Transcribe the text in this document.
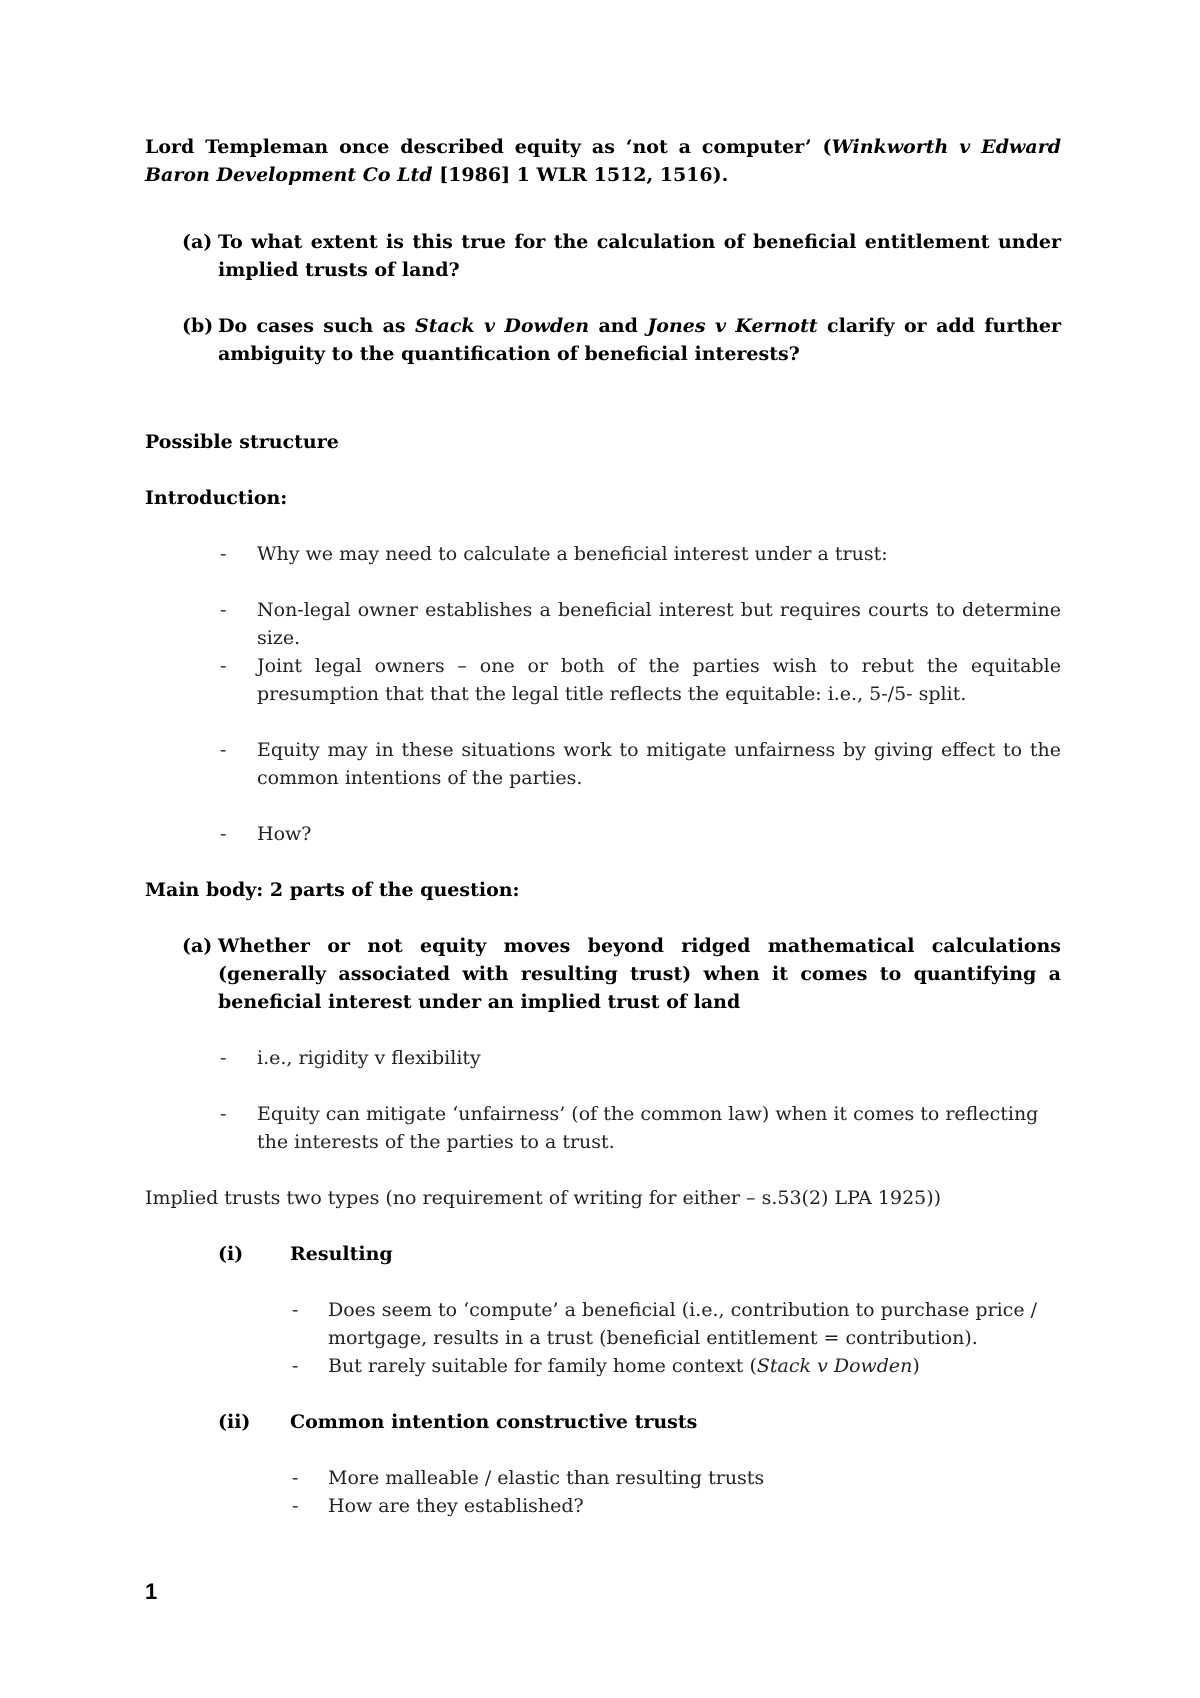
Lord Templeman once described equity as ‘not a computer’ (Winkworth v Edward Baron Development Co Ltd [1986] 1 WLR 1512, 1516).
(a) To what extent is this true for the calculation of beneficial entitlement under implied trusts of land?
(b) Do cases such as Stack v Dowden and Jones v Kernott clarify or add further ambiguity to the quantification of beneficial interests?
Possible structure
Introduction:
- Why we may need to calculate a beneficial interest under a trust:
- Non-legal owner establishes a beneficial interest but requires courts to determine size.
- Joint legal owners – one or both of the parties wish to rebut the equitable presumption that that the legal title reflects the equitable: i.e., 5-/5- split.
- Equity may in these situations work to mitigate unfairness by giving effect to the common intentions of the parties.
- How?
Main body: 2 parts of the question:
(a) Whether or not equity moves beyond ridged mathematical calculations (generally associated with resulting trust) when it comes to quantifying a beneficial interest under an implied trust of land
- i.e., rigidity v flexibility
- Equity can mitigate ‘unfairness’ (of the common law) when it comes to reflecting the interests of the parties to a trust.
Implied trusts two types (no requirement of writing for either – s.53(2) LPA 1925))
(i) Resulting
- Does seem to ‘compute’ a beneficial (i.e., contribution to purchase price / mortgage, results in a trust (beneficial entitlement = contribution).
- But rarely suitable for family home context (Stack v Dowden)
(ii) Common intention constructive trusts
- More malleable / elastic than resulting trusts
- How are they established?
1
